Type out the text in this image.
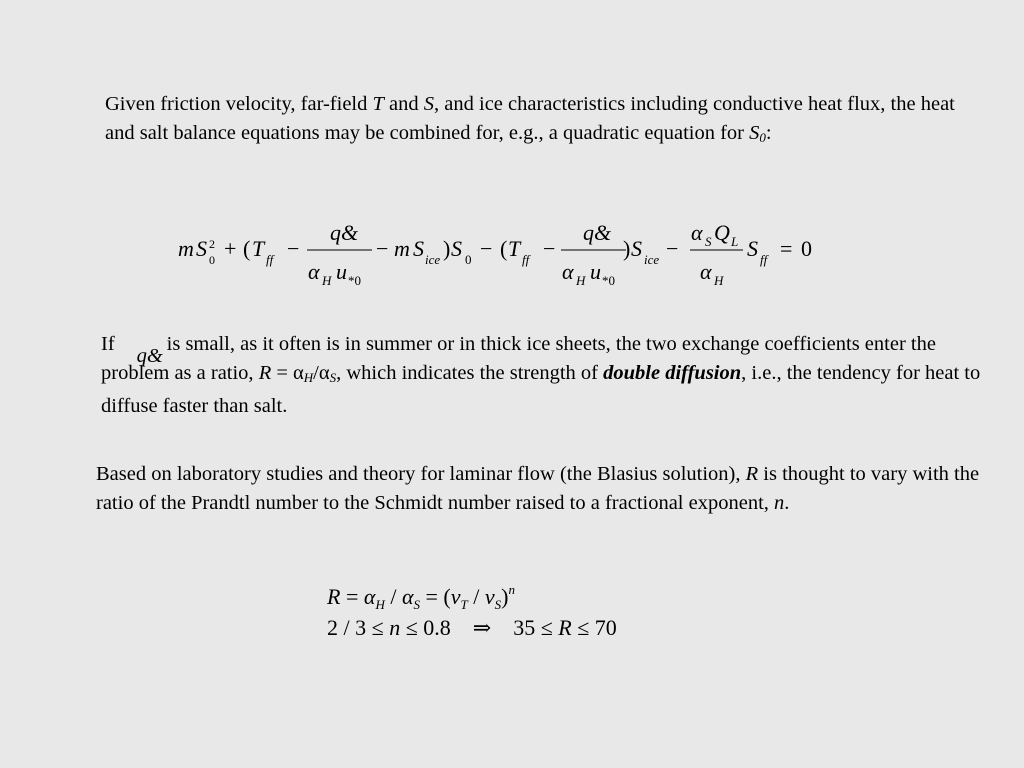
Given friction velocity, far-field T and S, and ice characteristics including conductive heat flux, the heat and salt balance equations may be combined for, e.g., a quadratic equation for $S_0$:

m S 2
0 + ( T ff −
q&
α H u *0
− m S ice ) S 0 − ( T ff −
q&
α H u *0
) S ice −
α S Q L
α H
S ff = 0

If
q&
is small, as it often is in summer or in thick ice sheets, the two exchange coefficients enter the problem as a ratio, $R = \alpha_H/\alpha_S$, which indicates the strength of double diffusion, i.e., the tendency for heat to diffuse faster than salt.

Based on laboratory studies and theory for laminar flow (the Blasius solution), R is thought to vary with the ratio of the Prandtl number to the Schmidt number raised to a fractional exponent, n.

$R = \alpha_H / \alpha_S = (\nu_T / \nu_S)^n$
2 / 3 ≤ n ≤ 0.8    ⇒    35 ≤ R ≤ 70
